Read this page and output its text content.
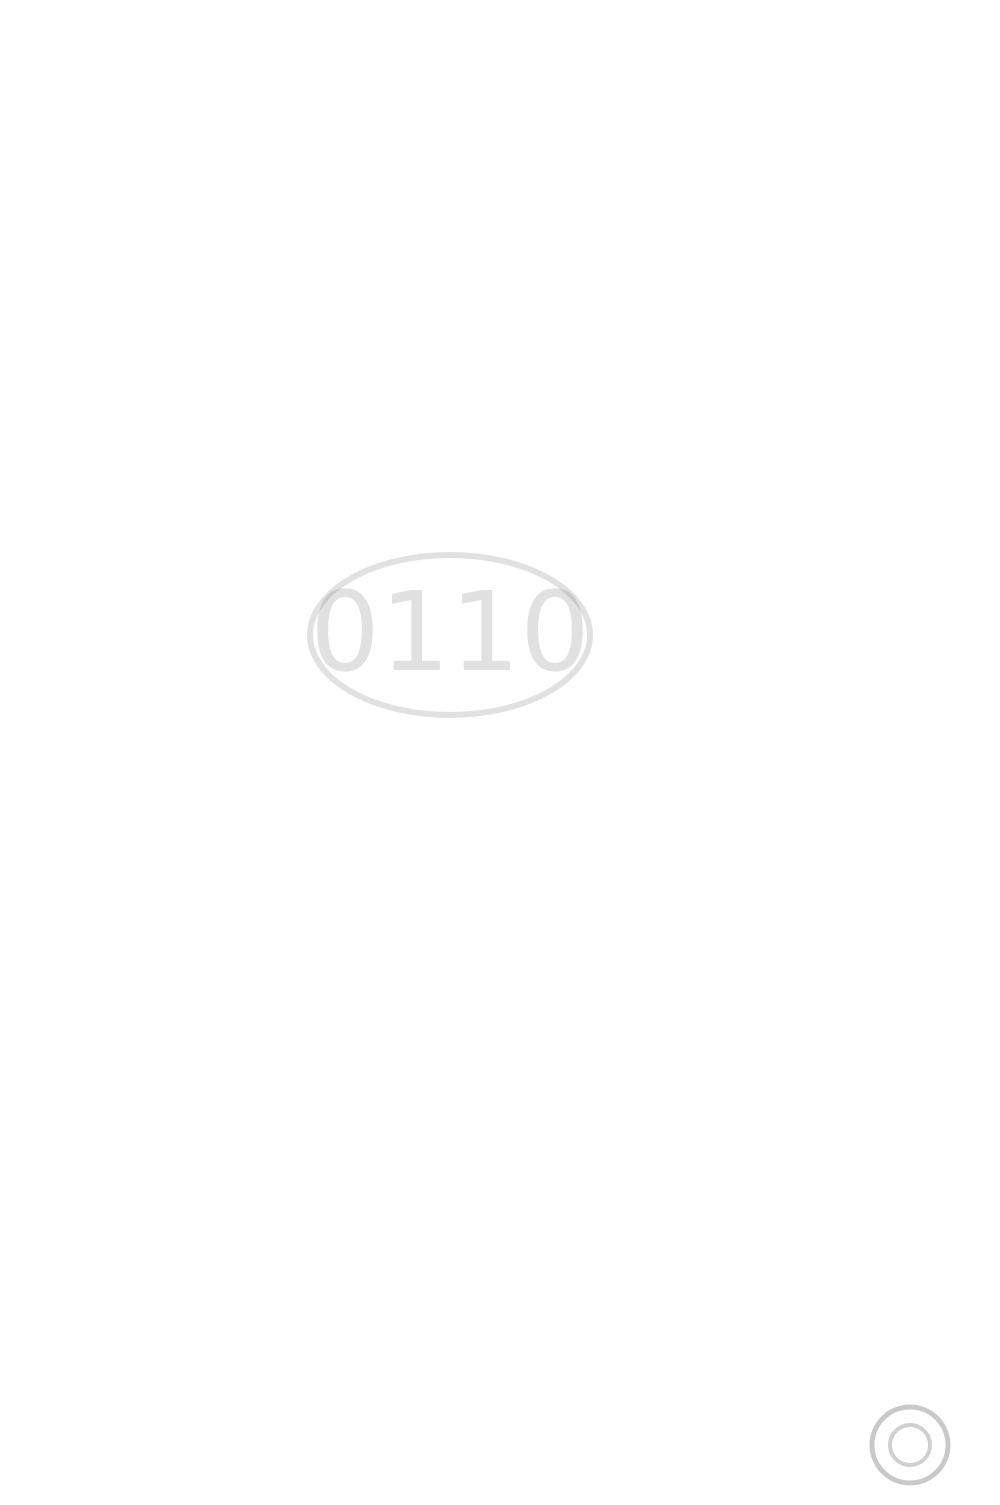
0110
